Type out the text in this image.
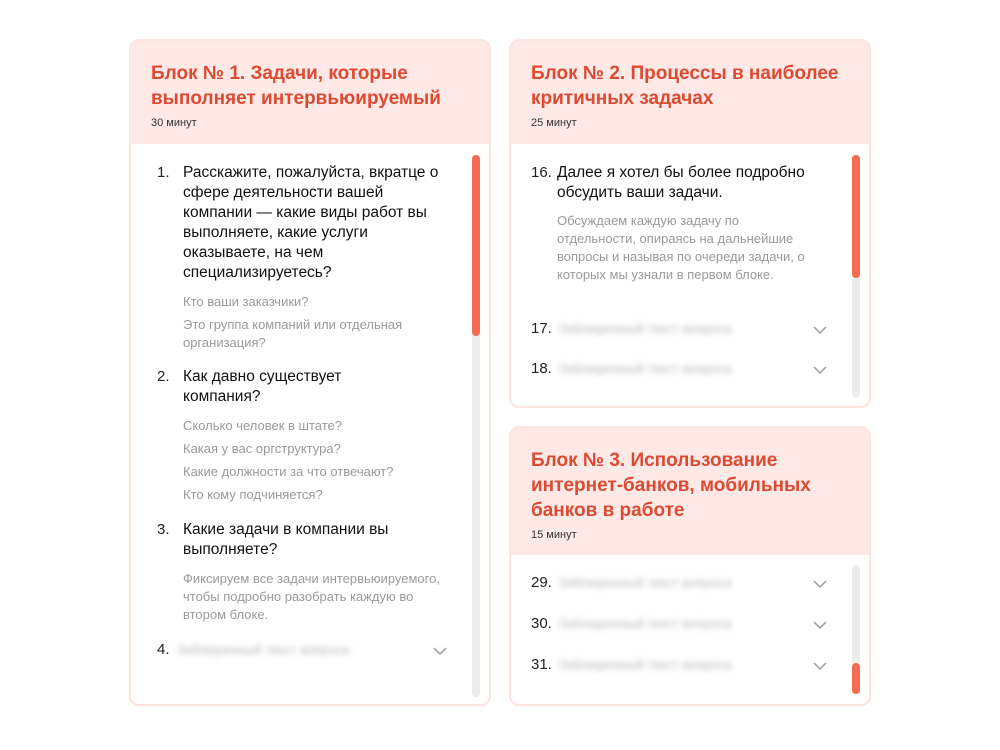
Блок № 1. Задачи, которые выполняет интервьюируемый
30 минут
1. Расскажите, пожалуйста, вкратце о сфере деятельности вашей компании — какие виды работ вы выполняете, какие услуги оказываете, на чем специализируетесь?
Кто ваши заказчики?
Это группа компаний или отдельная организация?
2. Как давно существует компания?
Сколько человек в штате?
Какая у вас оргструктура?
Какие должности за что отвечают?
Кто кому подчиняется?
3. Какие задачи в компании вы выполняете?
Фиксируем все задачи интервьюируемого, чтобы подробно разобрать каждую во втором блоке.
4. Заблюренный текст вопроса
Блок № 2. Процессы в наиболее критичных задачах
25 минут
16. Далее я хотел бы более подробно обсудить ваши задачи.
Обсуждаем каждую задачу по отдельности, опираясь на дальнейшие вопросы и называя по очереди задачи, о которых мы узнали в первом блоке.
17. Заблюренный текст вопроса
18. Заблюренный текст вопроса
Блок № 3. Использование интернет-банков, мобильных банков в работе
15 минут
29. Заблюренный текст вопроса
30. Заблюренный текст вопроса
31. Заблюренный текст вопроса
